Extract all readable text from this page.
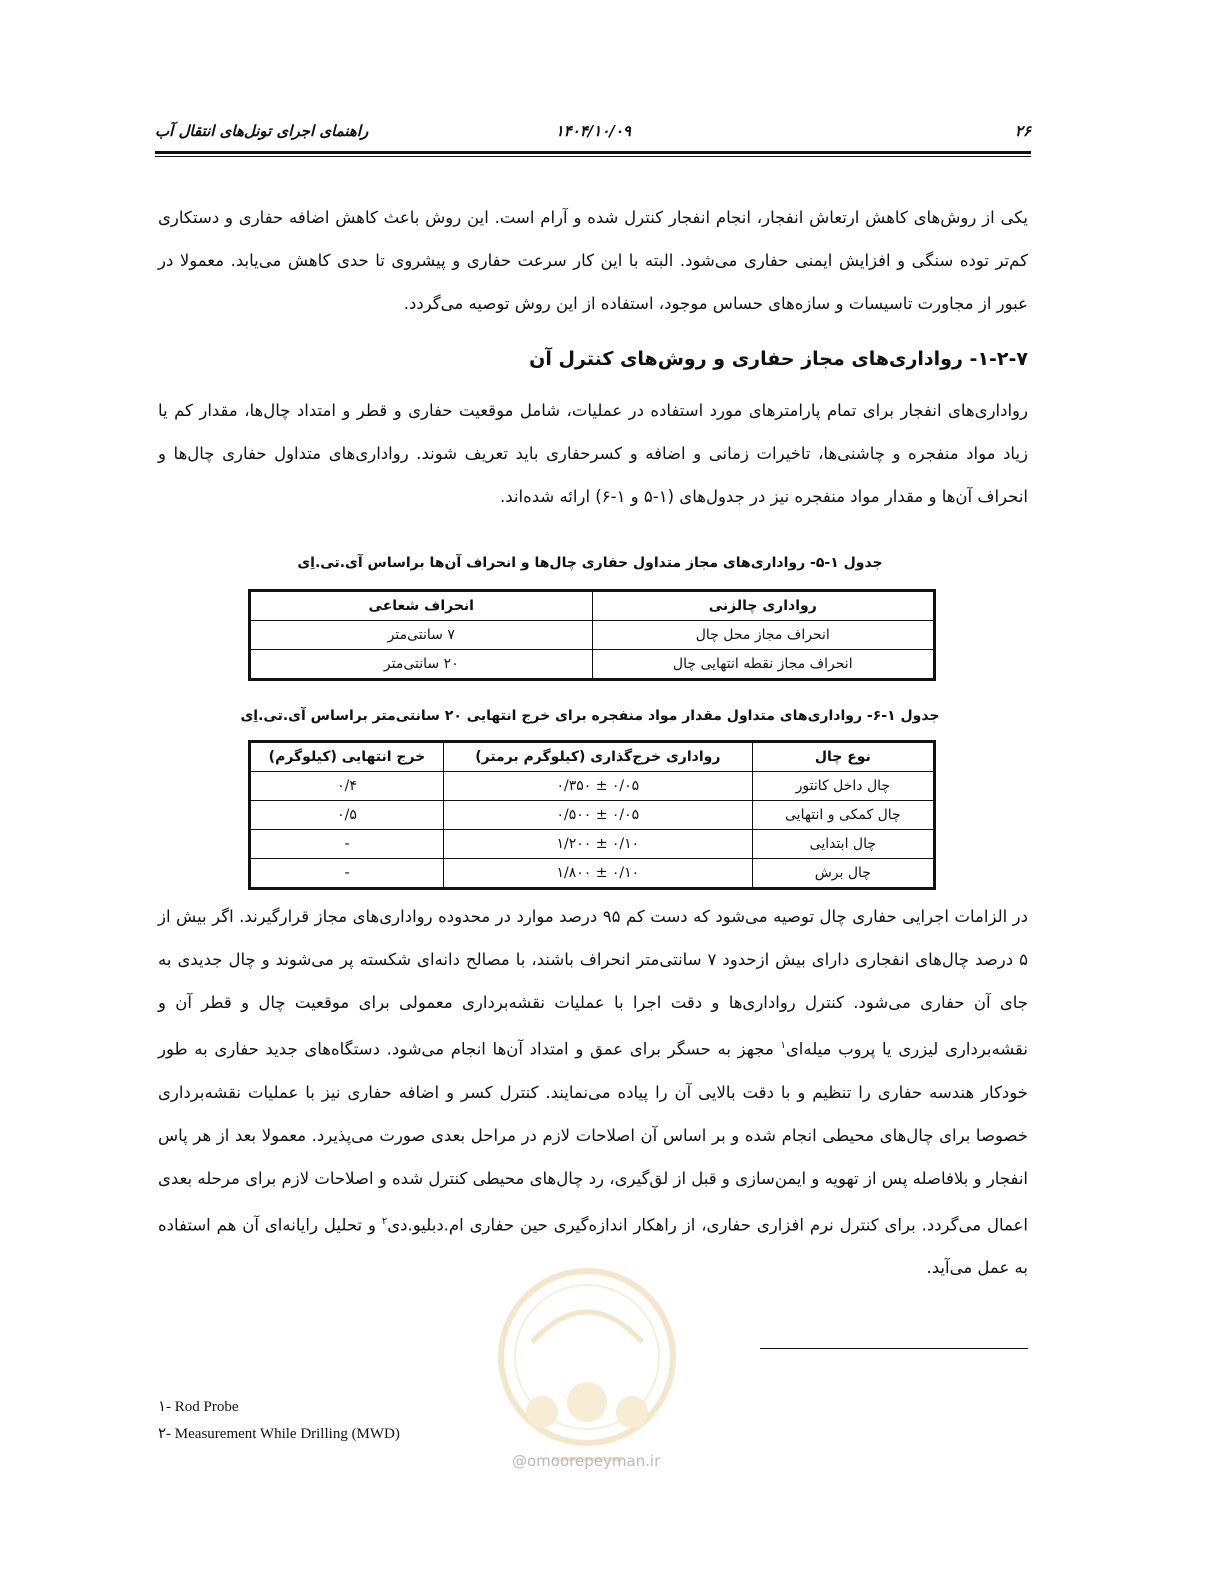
۲۶
۱۴۰۴/۱۰/۰۹
راهنمای اجرای تونل‌های انتقال آب
یکی از روش‌های کاهش ارتعاش انفجار، انجام انفجار کنترل شده و آرام است. این روش باعث کاهش اضافه حفاری و دستکاری کم‌تر توده سنگی و افزایش ایمنی حفاری می‌شود. البته با این کار سرعت حفاری و پیشروی تا حدی کاهش می‌یابد. معمولا در عبور از مجاورت تاسیسات و سازه‌های حساس موجود، استفاده از این روش توصیه می‌گردد.
۱-۲-۷- رواداری‌های مجاز حفاری و روش‌های کنترل آن
رواداری‌های انفجار برای تمام پارامترهای مورد استفاده در عملیات، شامل موقعیت حفاری و قطر و امتداد چال‌ها، مقدار کم یا زیاد مواد منفجره و چاشنی‌ها، تاخیرات زمانی و اضافه و کسرحفاری باید تعریف شوند. رواداری‌های متداول حفاری چال‌ها و انحراف آن‌ها و مقدار مواد منفجره نیز در جدول‌های (۱-۵ و ۱-۶) ارائه شده‌اند.
جدول ۱-۵- رواداری‌های مجاز متداول حفاری چال‌ها و انحراف آن‌ها براساس آی.تی.اِی
رواداری چالزنی	انحراف شعاعی
انحراف مجاز محل چال	۷ سانتی‌متر
انحراف مجاز نقطه انتهایی چال	۲۰ سانتی‌متر
جدول ۱-۶- رواداری‌های متداول مقدار مواد منفجره برای خرج انتهایی ۲۰ سانتی‌متر براساس آی.تی.اِی
نوع چال	رواداری خرج‌گذاری (کیلوگرم برمتر)	خرج انتهایی (کیلوگرم)
چال داخل کانتور	۰/۳۵۰ ± ۰/۰۵	۰/۴
چال کمکی و انتهایی	۰/۵۰۰ ± ۰/۰۵	۰/۵
چال ابتدایی	۱/۲۰۰ ± ۰/۱۰	-
چال برش	۱/۸۰۰ ± ۰/۱۰	-
در الزامات اجرایی حفاری چال توصیه می‌شود که دست کم ۹۵ درصد موارد در محدوده رواداری‌های مجاز قرارگیرند. اگر بیش از ۵ درصد چال‌های انفجاری دارای بیش ازحدود ۷ سانتی‌متر انحراف باشند، با مصالح دانه‌ای شکسته پر می‌شوند و چال جدیدی به جای آن حفاری می‌شود. کنترل رواداری‌ها و دقت اجرا با عملیات نقشه‌برداری معمولی برای موقعیت چال و قطر آن و نقشه‌برداری لیزری یا پروب میله‌ای$^۱$ مجهز به حسگر برای عمق و امتداد آن‌ها انجام می‌شود. دستگاه‌های جدید حفاری به طور خودکار هندسه حفاری را تنظیم و با دقت بالایی آن را پیاده می‌نمایند. کنترل کسر و اضافه حفاری نیز با عملیات نقشه‌برداری خصوصا برای چال‌های محیطی انجام شده و بر اساس آن اصلاحات لازم در مراحل بعدی صورت می‌پذیرد. معمولا بعد از هر پاس انفجار و بلافاصله پس از تهویه و ایمن‌سازی و قبل از لق‌گیری، رد چال‌های محیطی کنترل شده و اصلاحات لازم برای مرحله بعدی اعمال می‌گردد. برای کنترل نرم افزاری حفاری، از راهکار اندازه‌گیری حین حفاری ام.دبلیو.دی$^۲$ و تحلیل رایانه‌ای آن هم استفاده به عمل می‌آید.
@omoorepeyman.ir
۱- Rod Probe
۲- Measurement While Drilling (MWD)
